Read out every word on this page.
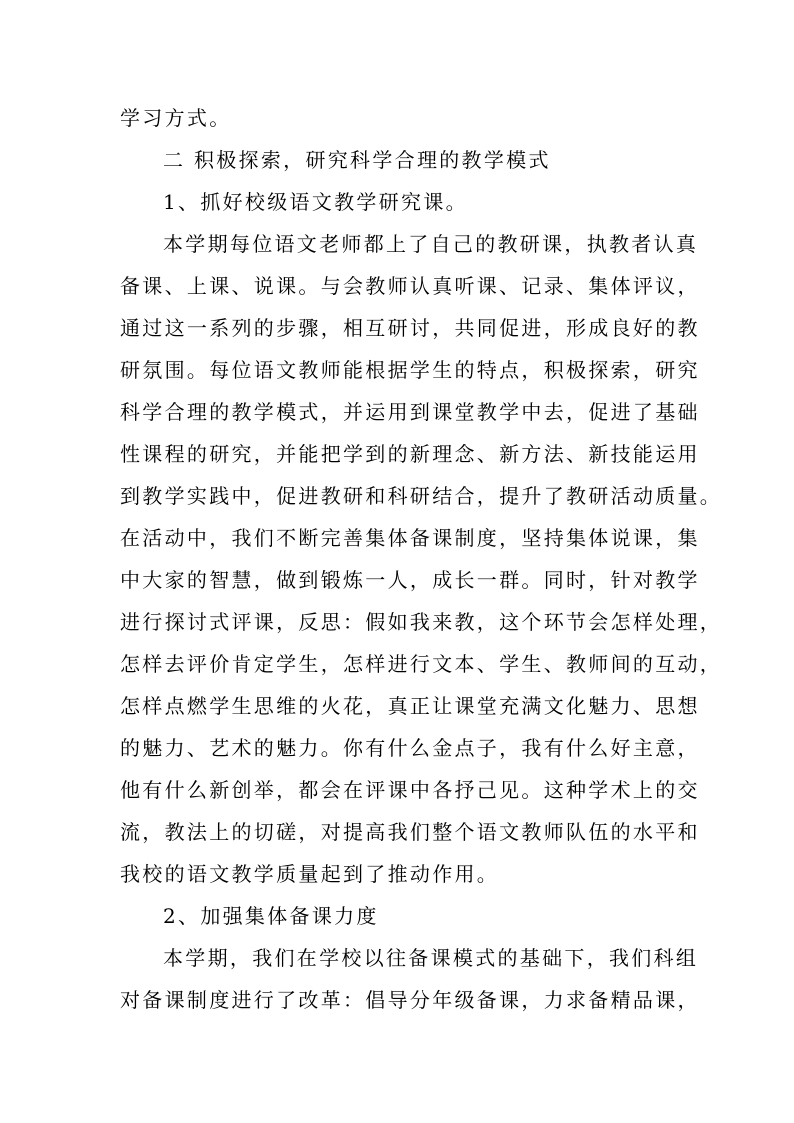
学习方式。
二 积极探索，研究科学合理的教学模式
1、抓好校级语文教学研究课。
本学期每位语文老师都上了自己的教研课，执教者认真
备课、上课、说课。与会教师认真听课、记录、集体评议，
通过这一系列的步骤，相互研讨，共同促进，形成良好的教
研氛围。每位语文教师能根据学生的特点，积极探索，研究
科学合理的教学模式，并运用到课堂教学中去，促进了基础
性课程的研究，并能把学到的新理念、新方法、新技能运用
到教学实践中，促进教研和科研结合，提升了教研活动质量。
在活动中，我们不断完善集体备课制度，坚持集体说课，集
中大家的智慧，做到锻炼一人，成长一群。同时，针对教学
进行探讨式评课，反思：假如我来教，这个环节会怎样处理，
怎样去评价肯定学生，怎样进行文本、学生、教师间的互动，
怎样点燃学生思维的火花，真正让课堂充满文化魅力、思想
的魅力、艺术的魅力。你有什么金点子，我有什么好主意，
他有什么新创举，都会在评课中各抒己见。这种学术上的交
流，教法上的切磋，对提高我们整个语文教师队伍的水平和
我校的语文教学质量起到了推动作用。
2、加强集体备课力度
本学期，我们在学校以往备课模式的基础下，我们科组
对备课制度进行了改革：倡导分年级备课，力求备精品课，
